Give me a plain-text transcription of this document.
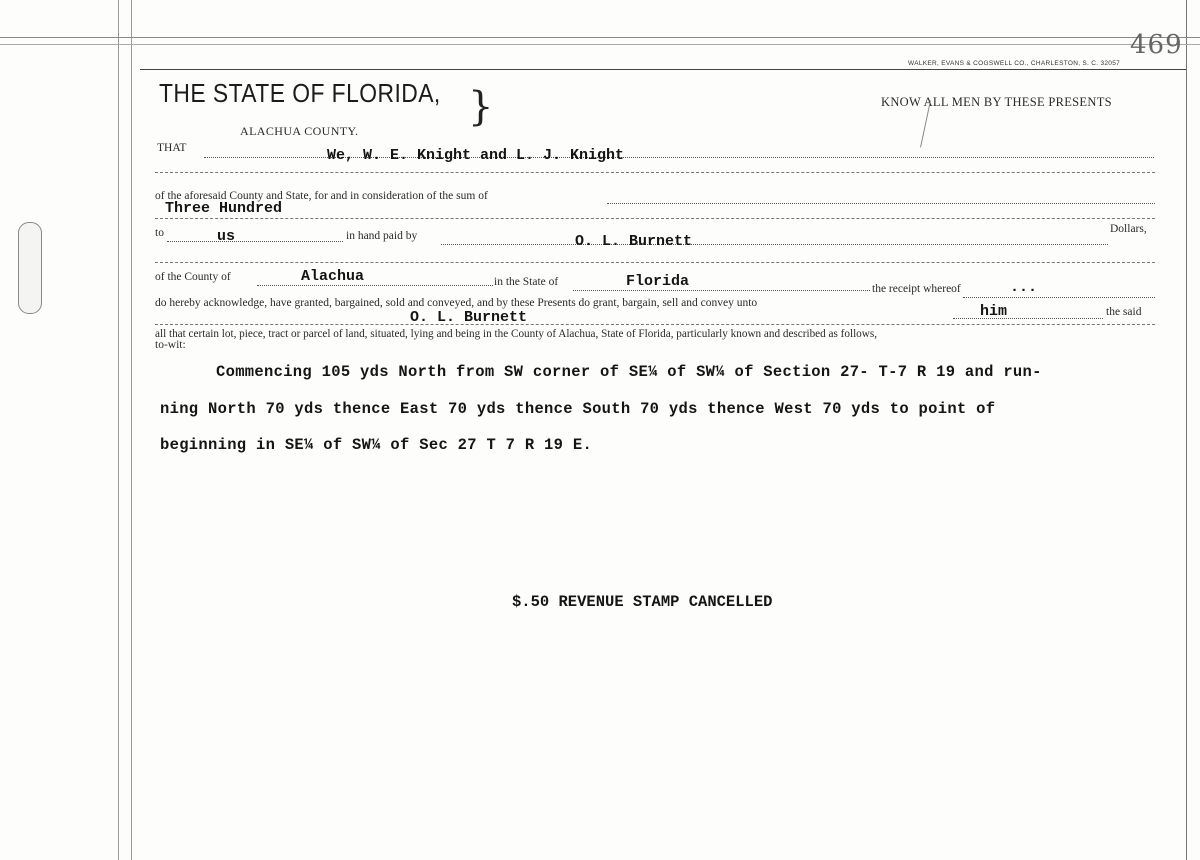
469
WALKER, EVANS & COGSWELL CO., CHARLESTON, S. C. 32057
THE STATE OF FLORIDA, }
ALACHUA COUNTY.
KNOW ALL MEN BY THESE PRESENTS
THAT	We, W. E. Knight and L. J. Knight
of the aforesaid County and State, for and in consideration of the sum of
Three Hundred
to	us	in hand paid by	O. L. Burnett
Dollars,
of the County of	Alachua	in the State of	Florida	the receipt whereof	...
do hereby acknowledge, have granted, bargained, sold and conveyed, and by these Presents do grant, bargain, sell and convey unto	him	the said
O. L. Burnett
all that certain lot, piece, tract or parcel of land, situated, lying and being in the County of Alachua, State of Florida, particularly known and described as follows,
to-wit:

Commencing 105 yds North from SW corner of SE¼ of SW¼ of Section 27- T-7 R 19 and run-

ning North 70 yds thence East 70 yds thence South 70 yds thence West 70 yds to point of

beginning in SE¼ of SW¼ of Sec 27 T 7 R 19 E.

$.50 REVENUE STAMP CANCELLED
